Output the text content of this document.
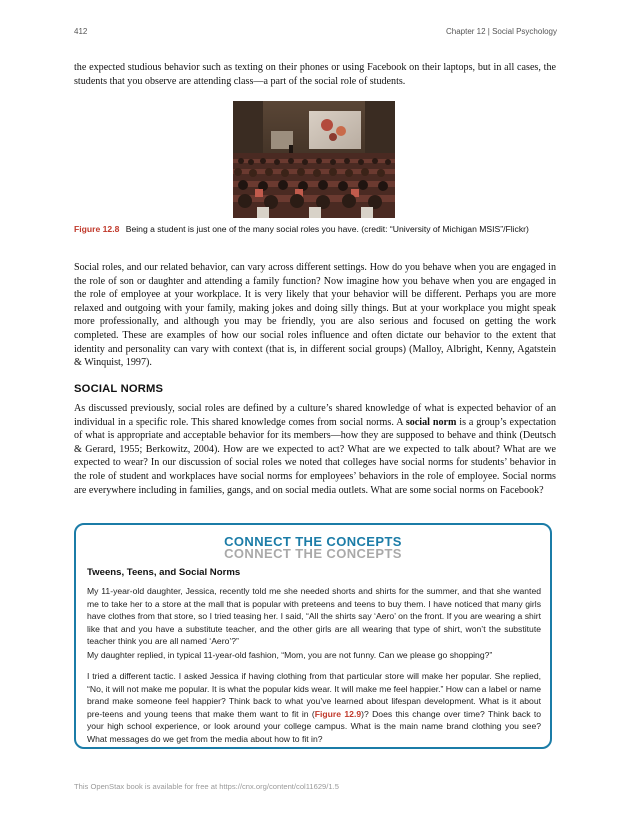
412	Chapter 12 | Social Psychology

the expected studious behavior such as texting on their phones or using Facebook on their laptops, but in all cases, the students that you observe are attending class—a part of the social role of students.

Figure 12.8 Being a student is just one of the many social roles you have. (credit: “University of Michigan MSIS”/Flickr)

Social roles, and our related behavior, can vary across different settings. How do you behave when you are engaged in the role of son or daughter and attending a family function? Now imagine how you behave when you are engaged in the role of employee at your workplace. It is very likely that your behavior will be different. Perhaps you are more relaxed and outgoing with your family, making jokes and doing silly things. But at your workplace you might speak more professionally, and although you may be friendly, you are also serious and focused on getting the work completed. These are examples of how our social roles influence and often dictate our behavior to the extent that identity and personality can vary with context (that is, in different social groups) (Malloy, Albright, Kenny, Agatstein & Winquist, 1997).

SOCIAL NORMS

As discussed previously, social roles are defined by a culture’s shared knowledge of what is expected behavior of an individual in a specific role. This shared knowledge comes from social norms. A social norm is a group’s expectation of what is appropriate and acceptable behavior for its members—how they are supposed to behave and think (Deutsch & Gerard, 1955; Berkowitz, 2004). How are we expected to act? What are we expected to talk about? What are we expected to wear? In our discussion of social roles we noted that colleges have social norms for students’ behavior in the role of student and workplaces have social norms for employees’ behaviors in the role of employee. Social norms are everywhere including in families, gangs, and on social media outlets. What are some social norms on Facebook?

CONNECT THE CONCEPTS
CONNECT THE CONCEPTS
Tweens, Teens, and Social Norms

My 11-year-old daughter, Jessica, recently told me she needed shorts and shirts for the summer, and that she wanted me to take her to a store at the mall that is popular with preteens and teens to buy them. I have noticed that many girls have clothes from that store, so I tried teasing her. I said, “All the shirts say ‘Aero’ on the front. If you are wearing a shirt like that and you have a substitute teacher, and the other girls are all wearing that type of shirt, won’t the substitute teacher think you are all named ‘Aero’?”

My daughter replied, in typical 11-year-old fashion, “Mom, you are not funny. Can we please go shopping?”

I tried a different tactic. I asked Jessica if having clothing from that particular store will make her popular. She replied, “No, it will not make me popular. It is what the popular kids wear. It will make me feel happier.” How can a label or name brand make someone feel happier? Think back to what you’ve learned about lifespan development. What is it about pre-teens and young teens that make them want to fit in (Figure 12.9)? Does this change over time? Think back to your high school experience, or look around your college campus. What is the main name brand clothing you see? What messages do we get from the media about how to fit in?

This OpenStax book is available for free at https://cnx.org/content/col11629/1.5
